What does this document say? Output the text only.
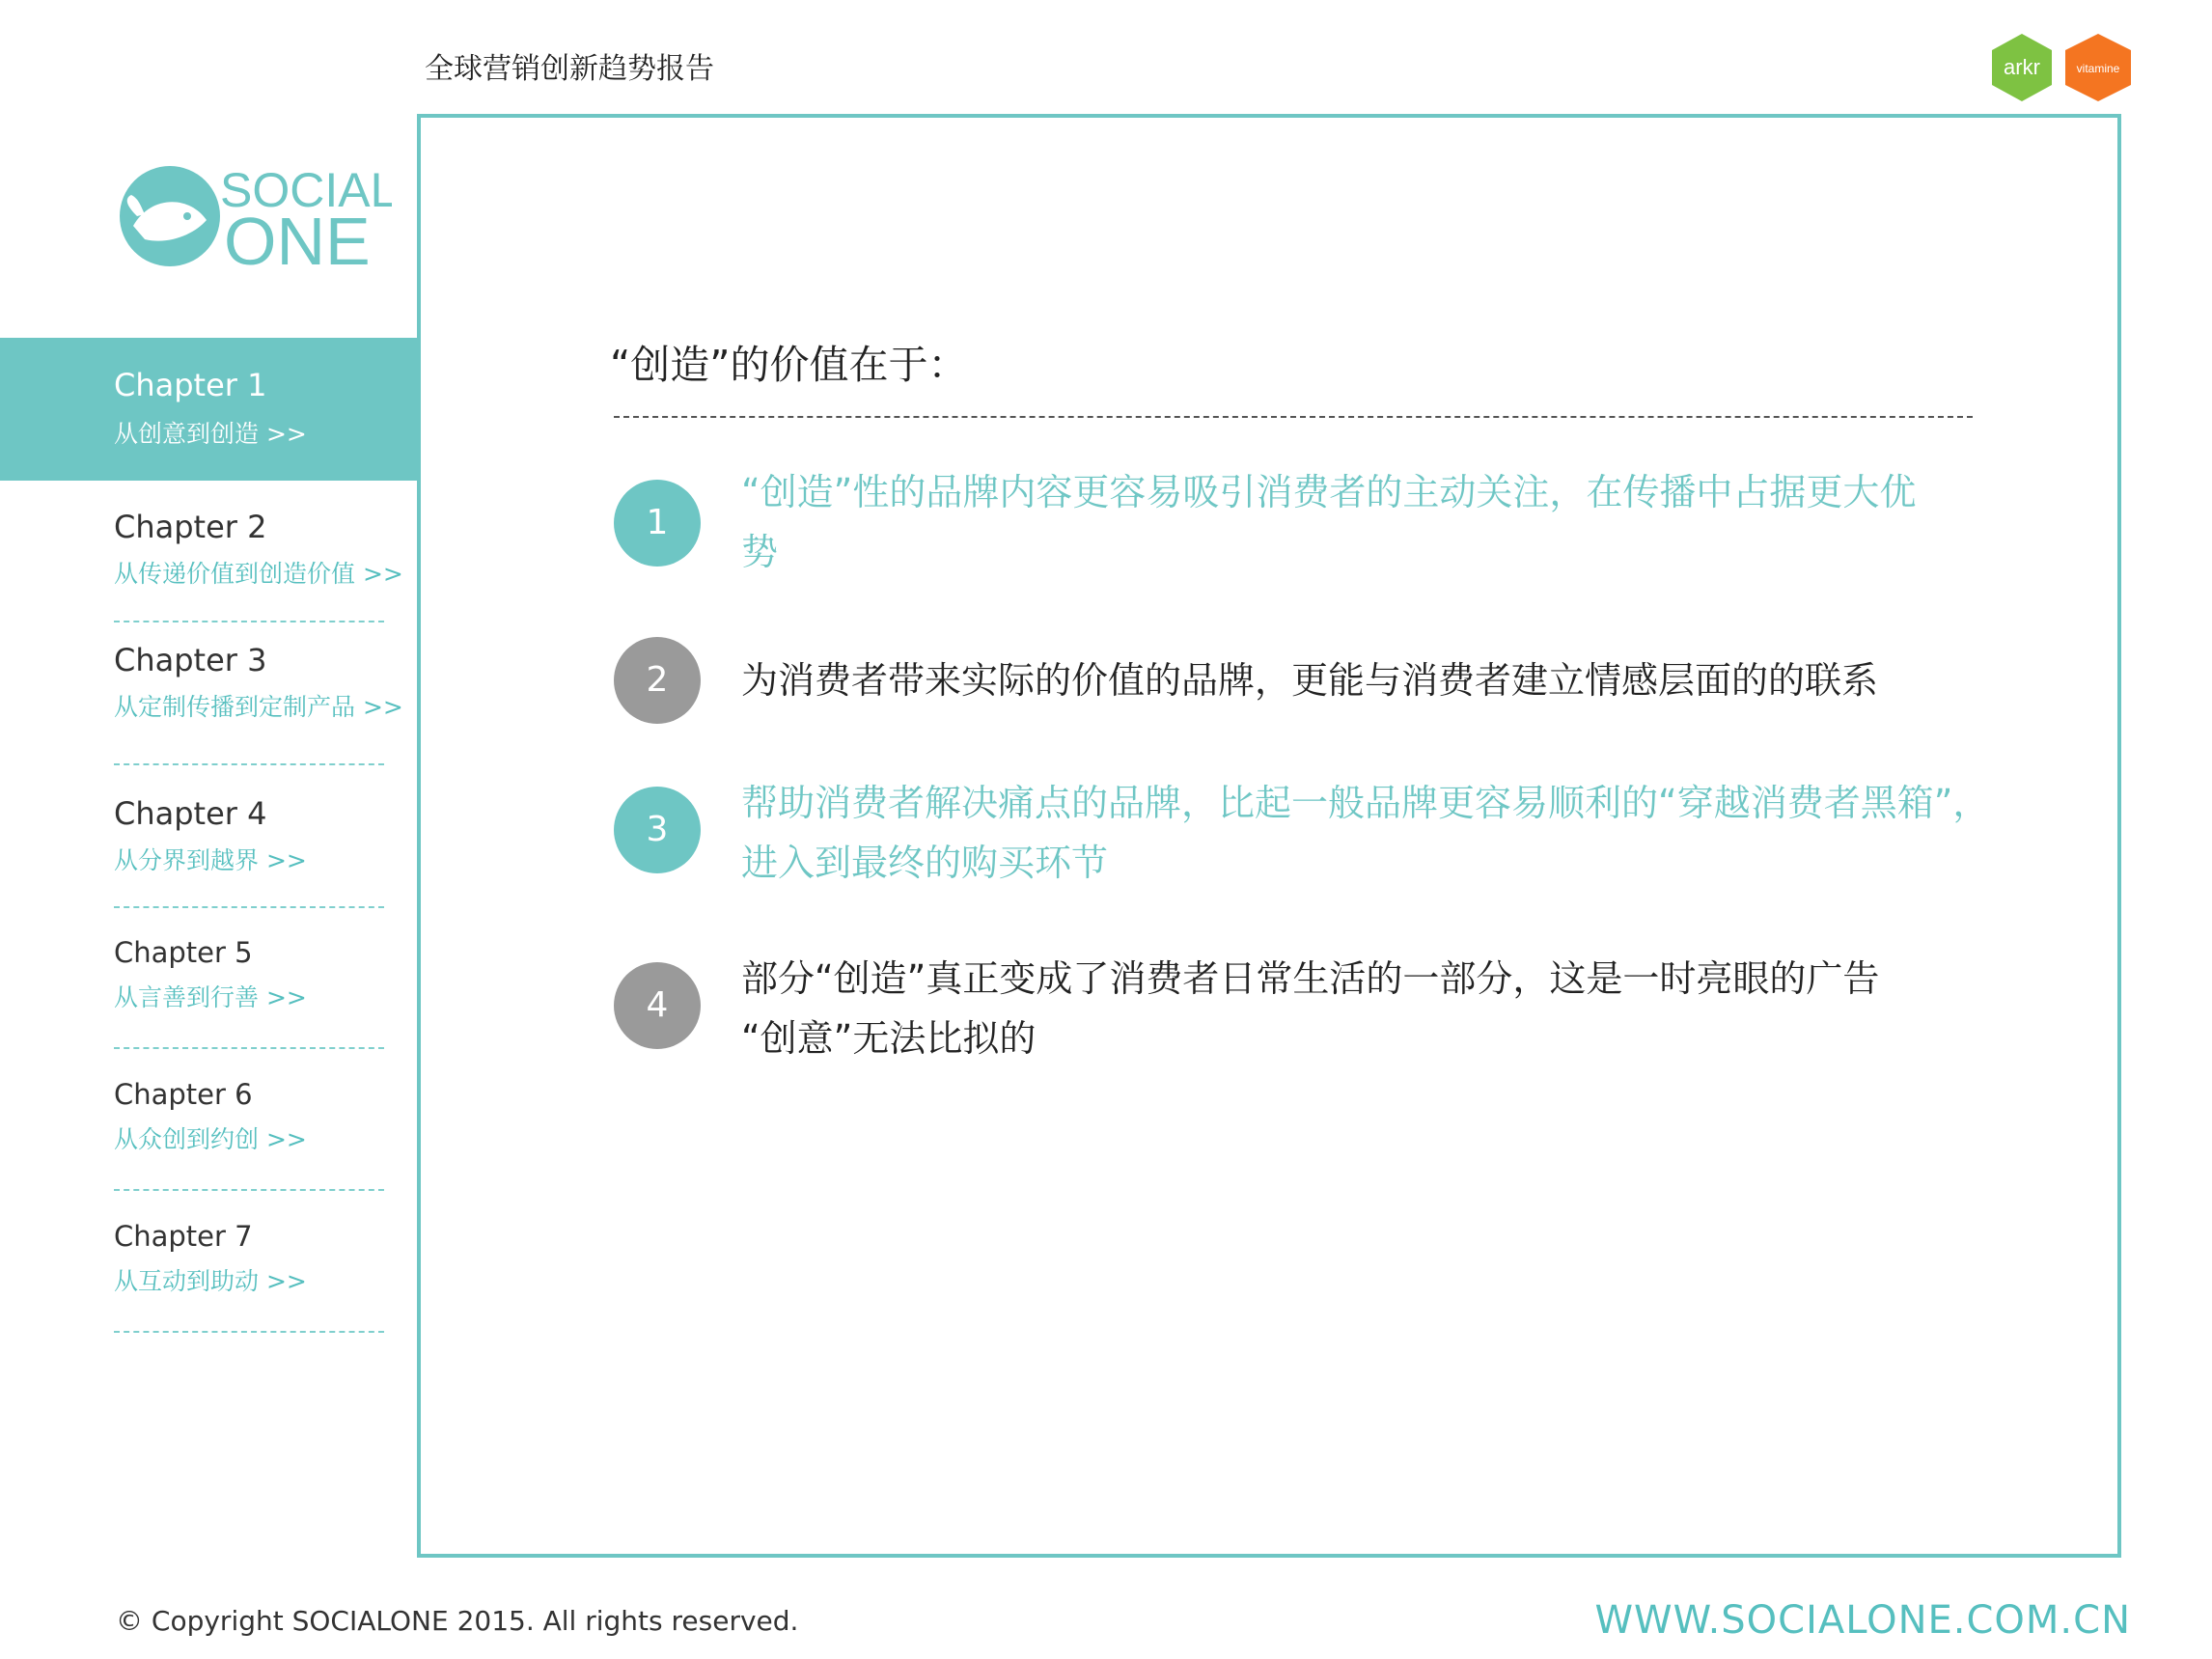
全球营销创新趋势报告	arkr	vitamine
SOCIAL
ONE
Chapter 1
从创意到创造 >>
Chapter 2
从传递价值到创造价值 >>
Chapter 3
从定制传播到定制产品 >>
Chapter 4
从分界到越界 >>
Chapter 5
从言善到行善 >>
Chapter 6
从众创到约创 >>
Chapter 7
从互动到助动 >>
“创造”的价值在于：
1
“创造”性的品牌内容更容易吸引消费者的主动关注，在传播中占据更大优
势
2	为消费者带来实际的价值的品牌，更能与消费者建立情感层面的的联系
3
帮助消费者解决痛点的品牌，比起一般品牌更容易顺利的“穿越消费者黑箱”，
进入到最终的购买环节
4
部分“创造”真正变成了消费者日常生活的一部分，这是一时亮眼的广告
“创意”无法比拟的
© Copyright SOCIALONE 2015. All rights reserved.	WWW.SOCIALONE.COM.CN
